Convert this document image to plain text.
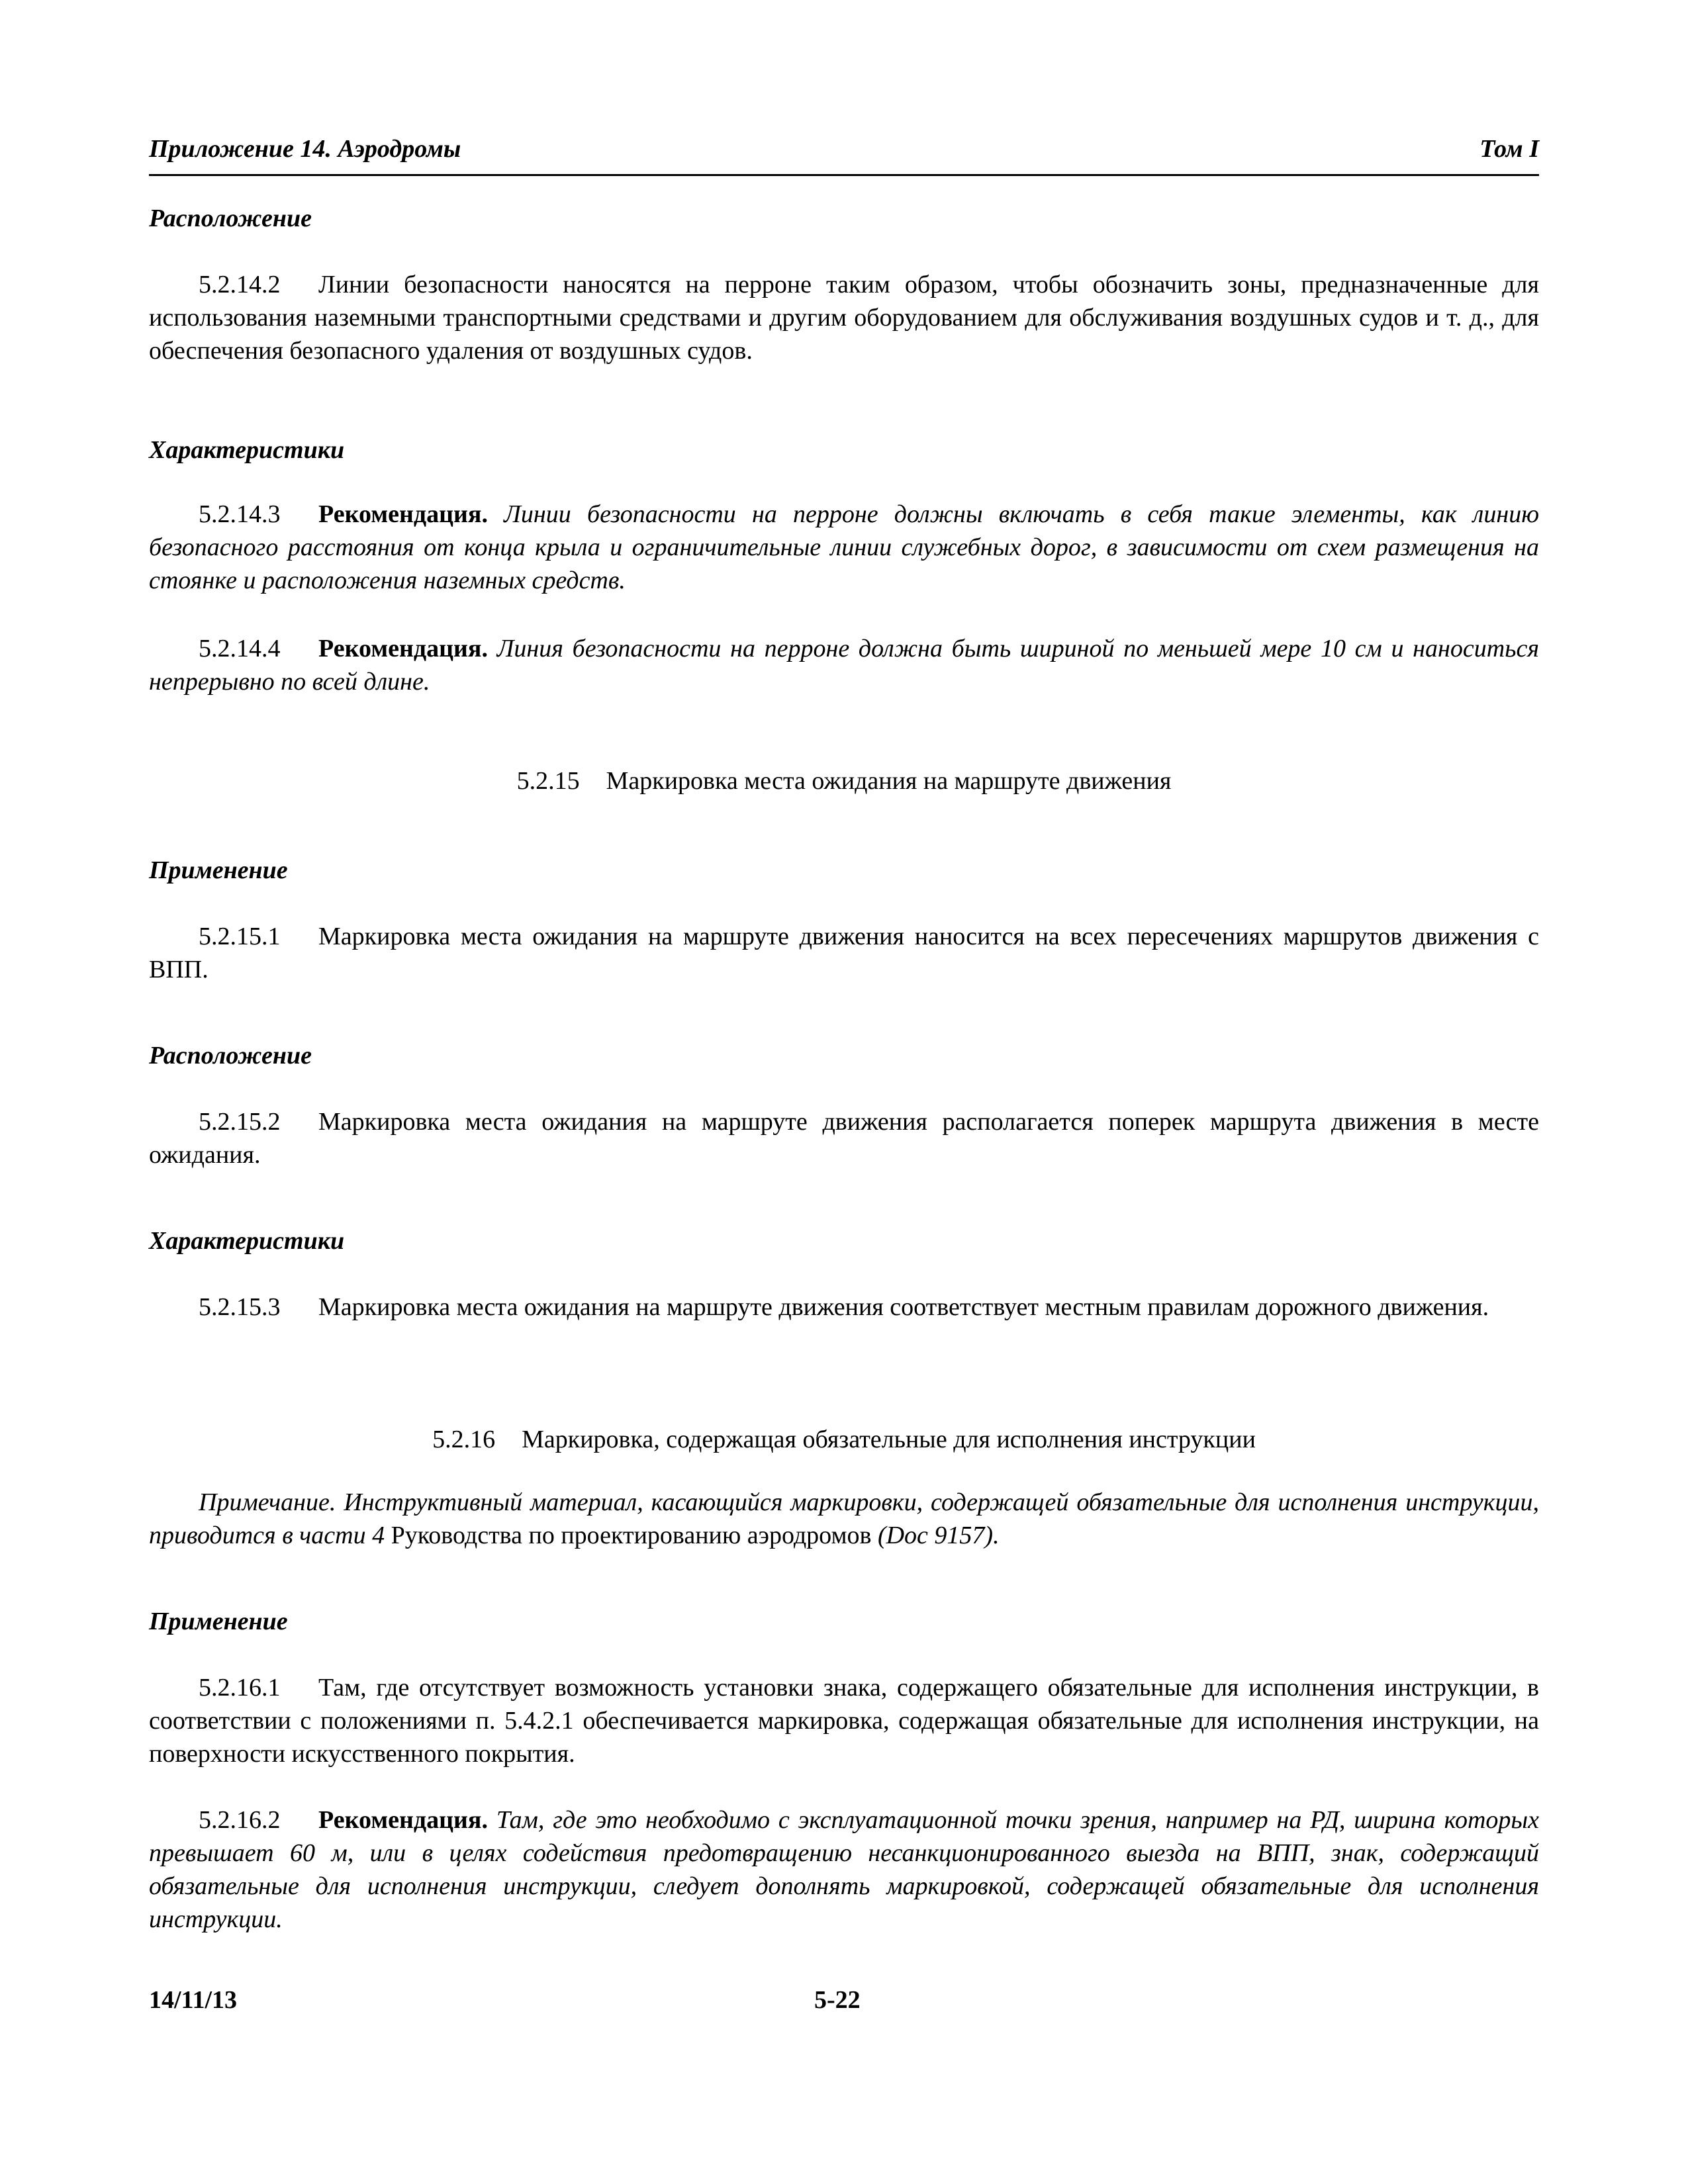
Приложение 14. Аэродромы	Том I
Расположение
5.2.14.2 Линии безопасности наносятся на перроне таким образом, чтобы обозначить зоны, предназначенные для использования наземными транспортными средствами и другим оборудованием для обслуживания воздушных судов и т. д., для обеспечения безопасного удаления от воздушных судов.
Характеристики
5.2.14.3 Рекомендация. Линии безопасности на перроне должны включать в себя такие элементы, как линию безопасного расстояния от конца крыла и ограничительные линии служебных дорог, в зависимости от схем размещения на стоянке и расположения наземных средств.
5.2.14.4 Рекомендация. Линия безопасности на перроне должна быть шириной по меньшей мере 10 см и наноситься непрерывно по всей длине.
5.2.15 Маркировка места ожидания на маршруте движения
Применение
5.2.15.1 Маркировка места ожидания на маршруте движения наносится на всех пересечениях маршрутов движения с ВПП.
Расположение
5.2.15.2 Маркировка места ожидания на маршруте движения располагается поперек маршрута движения в месте ожидания.
Характеристики
5.2.15.3 Маркировка места ожидания на маршруте движения соответствует местным правилам дорожного движения.
5.2.16 Маркировка, содержащая обязательные для исполнения инструкции
Примечание. Инструктивный материал, касающийся маркировки, содержащей обязательные для исполнения инструкции, приводится в части 4 Руководства по проектированию аэродромов (Doc 9157).
Применение
5.2.16.1 Там, где отсутствует возможность установки знака, содержащего обязательные для исполнения инструкции, в соответствии с положениями п. 5.4.2.1 обеспечивается маркировка, содержащая обязательные для исполнения инструкции, на поверхности искусственного покрытия.
5.2.16.2 Рекомендация. Там, где это необходимо с эксплуатационной точки зрения, например на РД, ширина которых превышает 60 м, или в целях содействия предотвращению несанкционированного выезда на ВПП, знак, содержащий обязательные для исполнения инструкции, следует дополнять маркировкой, содержащей обязательные для исполнения инструкции.
14/11/13	5-22
